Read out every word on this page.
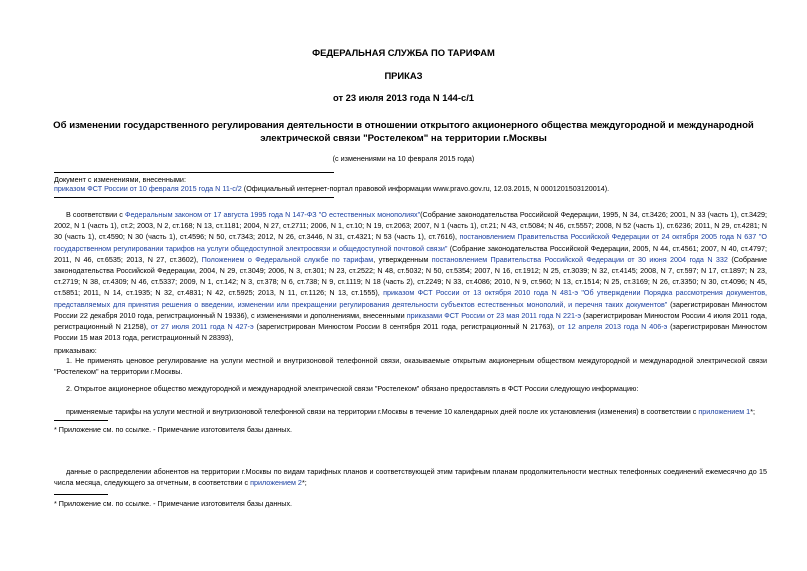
ФЕДЕРАЛЬНАЯ СЛУЖБА ПО ТАРИФАМ
ПРИКАЗ
от 23 июля 2013 года N 144-с/1
Об изменении государственного регулирования деятельности в отношении открытого акционерного общества междугородной и международной электрической связи "Ростелеком" на территории г.Москвы
(с изменениями на 10 февраля 2015 года)
Документ с изменениями, внесенными:
приказом ФСТ России от 10 февраля 2015 года N 11-с/2 (Официальный интернет-портал правовой информации www.pravo.gov.ru, 12.03.2015, N 0001201503120014).
В соответствии с Федеральным законом от 17 августа 1995 года N 147-ФЗ "О естественных монополиях"(Собрание законодательства Российской Федерации, 1995, N 34, ст.3426; 2001, N 33 (часть 1), ст.3429; 2002, N 1 (часть 1), ст.2; 2003, N 2, ст.168; N 13, ст.1181; 2004, N 27, ст.2711; 2006, N 1, ст.10; N 19, ст.2063; 2007, N 1 (часть 1), ст.21; N 43, ст.5084; N 46, ст.5557; 2008, N 52 (часть 1), ст.6236; 2011, N 29, ст.4281; N 30 (часть 1), ст.4590; N 30 (часть 1), ст.4596; N 50, ст.7343; 2012, N 26, ст.3446, N 31, ст.4321; N 53 (часть 1), ст.7616), постановлением Правительства Российской Федерации от 24 октября 2005 года N 637 "О государственном регулировании тарифов на услуги общедоступной электросвязи и общедоступной почтовой связи" (Собрание законодательства Российской Федерации, 2005, N 44, ст.4561; 2007, N 40, ст.4797; 2011, N 46, ст.6535; 2013, N 27, ст.3602), Положением о Федеральной службе по тарифам, утвержденным постановлением Правительства Российской Федерации от 30 июня 2004 года N 332 (Собрание законодательства Российской Федерации, 2004, N 29, ст.3049; 2006, N 3, ст.301; N 23, ст.2522; N 48, ст.5032; N 50, ст.5354; 2007, N 16, ст.1912; N 25, ст.3039; N 32, ст.4145; 2008, N 7, ст.597; N 17, ст.1897; N 23, ст.2719; N 38, ст.4309; N 46, ст.5337; 2009, N 1, ст.142; N 3, ст.378; N 6, ст.738; N 9, ст.1119; N 18 (часть 2), ст.2249; N 33, ст.4086; 2010, N 9, ст.960; N 13, ст.1514; N 25, ст.3169; N 26, ст.3350; N 30, ст.4096; N 45, ст.5851; 2011, N 14, ст.1935; N 32, ст.4831; N 42, ст.5925; 2013, N 11, ст.1126; N 13, ст.1555), приказом ФСТ России от 13 октября 2010 года N 481-э "Об утверждении Порядка рассмотрения документов, представляемых для принятия решения о введении, изменении или прекращении регулирования деятельности субъектов естественных монополий, и перечня таких документов" (зарегистрирован Минюстом России 22 декабря 2010 года, регистрационный N 19336), с изменениями и дополнениями, внесенными приказами ФСТ России от 23 мая 2011 года N 221-э (зарегистрирован Минюстом России 4 июля 2011 года, регистрационный N 21258), от 27 июля 2011 года N 427-э (зарегистрирован Минюстом России 8 сентября 2011 года, регистрационный N 21763), от 12 апреля 2013 года N 406-э (зарегистрирован Минюстом России 15 мая 2013 года, регистрационный N 28393),
приказываю:
1. Не применять ценовое регулирование на услуги местной и внутризоновой телефонной связи, оказываемые открытым акционерным обществом междугородной и международной электрической связи "Ростелеком" на территории г.Москвы.
2. Открытое акционерное общество междугородной и международной электрической связи "Ростелеком" обязано предоставлять в ФСТ России следующую информацию:
применяемые тарифы на услуги местной и внутризоновой телефонной связи на территории г.Москвы в течение 10 календарных дней после их установления (изменения) в соответствии с приложением 1*;
* Приложение см. по ссылке. - Примечание изготовителя базы данных.
данные о распределении абонентов на территории г.Москвы по видам тарифных планов и соответствующей этим тарифным планам продолжительности местных телефонных соединений ежемесячно до 15 числа месяца, следующего за отчетным, в соответствии с приложением 2*;
* Приложение см. по ссылке. - Примечание изготовителя базы данных.
